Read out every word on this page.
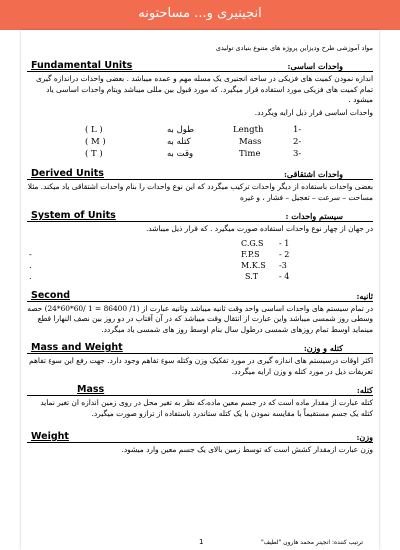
انجینیری و... مساحتونه
مواد آموزشی طرح وديزاين پروژه های متنوع بنيادی توليدی
Fundamental Units	واحدات اساسی:
اندازه نمودن کمیت های فزیکی در ساحه انجنیری یک مسله مهم و عمده میباشد . بعضی واحدات دراندازه گیری تمام کمیت های فزیکی مورد استفاده قرار میگیرد. که مورد قبول بین مللی میباشد ویتام واحدات اساسی یاد میشود .
واحدات اساسی قرار ذیل ارایه ویگردد.
( L )	طول به	Length	1-
( M )	کتله به	Mass	2-
( T )	وقت به	Time	3-
Derived Units	واحدات اشتقاقی:
بعضی واحدات باستفاده از دیگر واحدات ترکیب میگردد که این نوع واحدات را بنام واحدات اشتقاقی یاد میکند. مثلا مساحت – سرعت – تعجیل – فشار ، و غیره
System of Units	سیستم واحدات :
در جهان از چهار نوع واحدات استفاده صورت میگیرد . که قرار ذیل میباشد.
C.G.S - 1
-	F.P.S - 2
.	M.K.S -3
.	S.T	- 4
Second	ثانیه:
در تمام سیستم های واحدات اساسی واحد وقت ثانیه میباشد وثانیه عبارت از (1/ 86400 = 1 /60*60*24) حصه وسطی روز شمسی میباشد واین عبارت از انتقال وقت میباشد که در آن آفتاب در دو روز بین نصف النهارا قطع مینماید اوسط تمام روزهای شمسی درطول سال بنام اوسط روز های شمسی یاد میگردد.
Mass and Weight	کتله و وزن:
اکثر اوقات درسیستم های اندازه گیری در مورد تفکیک وزن وکتله سوءِ تفاهم وجود دارد. جهت رفع این سوءِ تفاهم تعریفات ذیل در مورد کتله و وزن ارایه میگردد.
Mass	کتله:
کتله عبارت از مقدار ماده است که در جسم معین ماده،که نظر به تغیر محل در روی زمین اندازه ان تغیر نماید کتله یک جسم مستقیماً با مقایسه نمودن با یک کتله ستاندرد باستفاده از ترازو صورت میگیرد.
Weight	وزن:
وزن عبارت ازمقدار کشش است که توسط زمین بالای یک جسم معین وارد میشود.
1	ترتیب کننده: انجینر محمد هارون "لطیف"
